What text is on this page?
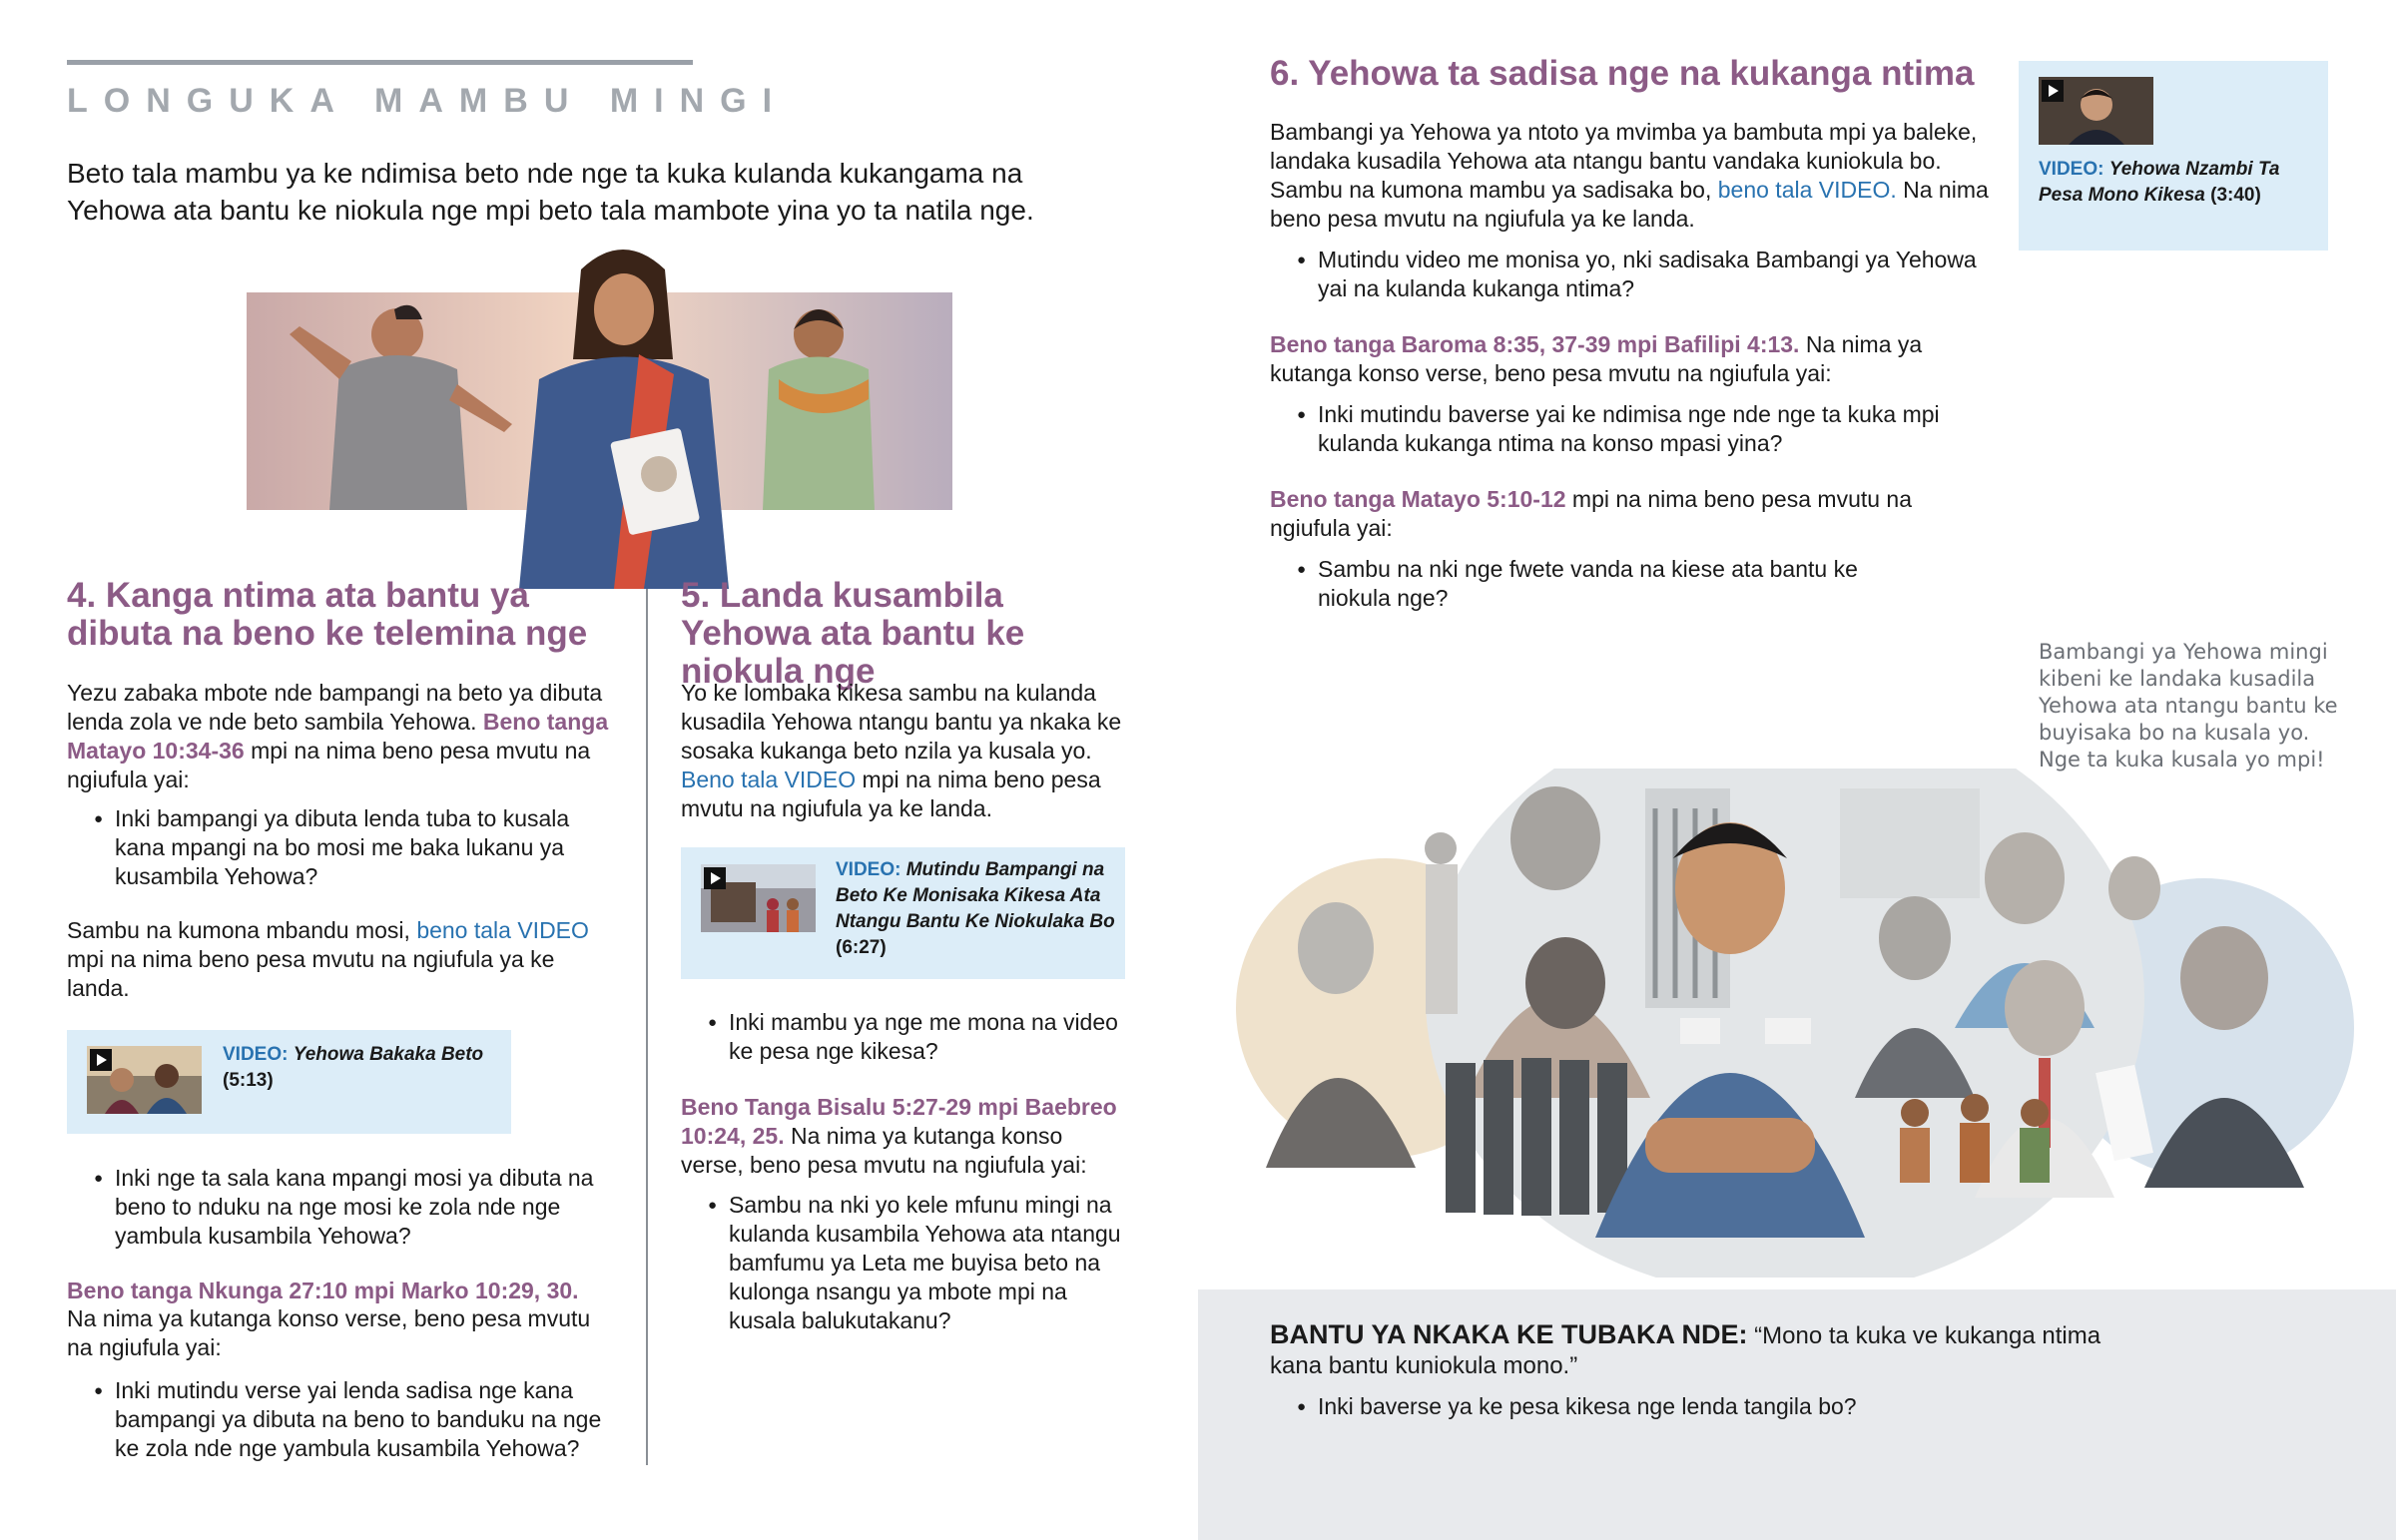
LONGUKA MAMBU MINGI

Beto tala mambu ya ke ndimisa beto nde nge ta kuka kulanda kukangama na Yehowa ata bantu ke niokula nge mpi beto tala mambote yina yo ta natila nge.

4. Kanga ntima ata bantu ya dibuta na beno ke telemina nge

Yezu zabaka mbote nde bampangi na beto ya dibuta lenda zola ve nde beto sambila Yehowa. Beno tanga Matayo 10:34-36 mpi na nima beno pesa mvutu na ngiufula yai:

● Inki bampangi ya dibuta lenda tuba to kusala kana mpangi na bo mosi me baka lukanu ya kusambila Yehowa?

Sambu na kumona mbandu mosi, beno tala VIDEO mpi na nima beno pesa mvutu na ngiufula ya ke landa.

VIDEO: Yehowa Bakaka Beto
(5:13)
● Inki nge ta sala kana mpangi mosi ya dibuta na beno to nduku na nge mosi ke zola nde nge yambula kusambila Yehowa?

Beno tanga Nkunga 27:10 mpi Marko 10:29, 30.

Na nima ya kutanga konso verse, beno pesa mvutu na ngiufula yai:

● Inki mutindu verse yai lenda sadisa nge kana bampangi ya dibuta na beno to banduku na nge ke zola nde nge yambula kusambila Yehowa?
5. Landa kusambila Yehowa ata bantu ke niokula nge

Yo ke lombaka kikesa sambu na kulanda kusadila Yehowa ntangu bantu ya nkaka ke sosaka kukanga beto nzila ya kusala yo. Beno tala VIDEO mpi na nima beno pesa mvutu na ngiufula ya ke landa.

VIDEO: Mutindu Bampangi na Beto Ke Monisaka Kikesa Ata Ntangu Bantu Ke Niokulaka Bo (6:27)
● Inki mambu ya nge me mona na video ke pesa nge kikesa?

Beno Tanga Bisalu 5:27-29 mpi Baebreo 10:24, 25. Na nima ya kutanga konso verse, beno pesa mvutu na ngiufula yai:

● Sambu na nki yo kele mfunu mingi na kulanda kusambila Yehowa ata ntangu bamfumu ya Leta me buyisa beto na kulonga nsangu ya mbote mpi na kusala balukutakanu?
6. Yehowa ta sadisa nge na kukanga ntima

Bambangi ya Yehowa ya ntoto ya mvimba ya bambuta mpi ya baleke, landaka kusadila Yehowa ata ntangu bantu vandaka kuniokula bo. Sambu na kumona mambu ya sadisaka bo, beno tala VIDEO. Na nima beno pesa mvutu na ngiufula ya ke landa.

VIDEO: Yehowa Nzambi Ta Pesa Mono Kikesa (3:40)
● Mutindu video me monisa yo, nki sadisaka Bambangi ya Yehowa yai na kulanda kukanga ntima?

Beno tanga Baroma 8:35, 37-39 mpi Bafilipi 4:13. Na nima ya kutanga konso verse, beno pesa mvutu na ngiufula yai:

● Inki mutindu baverse yai ke ndimisa nge nde nge ta kuka mpi kulanda kukanga ntima na konso mpasi yina?

Beno tanga Matayo 5:10-12 mpi na nima beno pesa mvutu na ngiufula yai:

● Sambu na nki nge fwete vanda na kiese ata bantu ke niokula nge?
Bambangi ya Yehowa mingi kibeni ke landaka kusadila Yehowa ata ntangu bantu ke buyisaka bo na kusala yo. Nge ta kuka kusala yo mpi!

BANTU YA NKAKA KE TUBAKA NDE: “Mono ta kuka ve kukanga ntima kana bantu kuniokula mono.”

● Inki baverse ya ke pesa kikesa nge lenda tangila bo?
